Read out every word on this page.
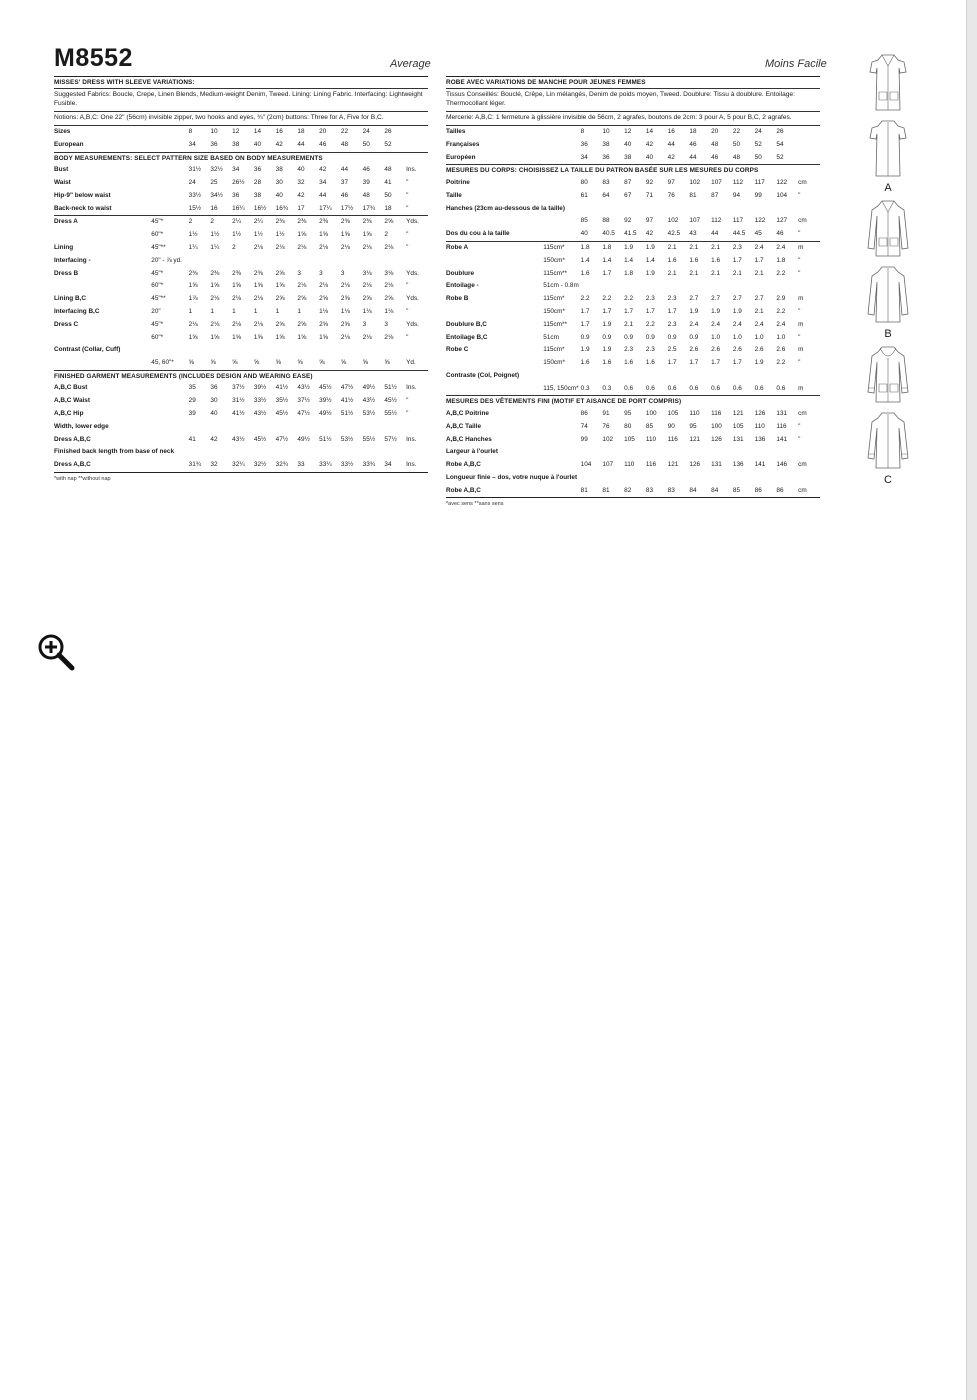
M8552	Average	Moins Facile
MISSES' DRESS WITH SLEEVE VARIATIONS:
Suggested Fabrics: Boucle, Crepe, Linen Blends, Medium-weight Denim, Tweed. Lining: Lining Fabric. Interfacing: Lightweight Fusible.
Notions: A,B,C: One 22" (56cm) invisible zipper, two hooks and eyes, ¾" (2cm) buttons: Three for A, Five for B,C.
Sizes	8	10	12	14	16	18	20	22	24	26	
European	34	36	38	40	42	44	46	48	50	52	
BODY MEASUREMENTS: SELECT PATTERN SIZE BASED ON BODY MEASUREMENTS
Bust		31½	32½	34	36	38	40	42	44	46	48	Ins.
Waist		24	25	26½	28	30	32	34	37	39	41	"
Hip-9" below waist		33½	34½	36	38	40	42	44	46	48	50	"
Back-neck to waist		15½	16	16¼	16½	16¾	17	17¼	17½	17¾	18	"
Dress A	45"*	2	2	2¼	2¼	2⅜	2⅜	2⅜	2⅜	2⅜	2⅝	Yds.
	60"*	1½	1½	1½	1½	1½	1⅝	1⅝	1⅝	1⅝	2	"
Lining	45"**	1¼	1¼	2	2⅛	2⅛	2⅛	2⅛	2⅛	2⅛	2⅛	"
Interfacing -	20" - ⅞ yd.											
Dress B	45"*	2⅜	2⅜	2⅜	2⅜	2⅝	3	3	3	3⅛	3⅛	Yds.
	60"*	1⅝	1⅝	1⅝	1⅝	1⅝	2⅛	2⅛	2⅛	2⅛	2⅛	"
Lining B,C	45"**	1⅞	2⅛	2⅛	2⅛	2⅝	2⅝	2⅝	2⅝	2⅝	2⅝	Yds.
Interfacing B,C	20"	1	1	1	1	1	1	1⅛	1⅛	1⅛	1⅛	"
Dress C	45"*	2⅛	2⅛	2⅛	2⅛	2⅝	2⅝	2⅝	2⅝	3	3	Yds.
	60"*	1⅝	1⅝	1⅝	1⅝	1⅝	1⅝	1⅝	2⅛	2⅛	2⅛	"
Contrast (Collar, Cuff)												
	45, 60"*	⅝	⅝	⅝	⅝	⅝	⅝	⅝	⅝	⅝	⅝	Yd.
FINISHED GARMENT MEASUREMENTS (INCLUDES DESIGN AND WEARING EASE)
A,B,C Bust		35	36	37½	39½	41½	43½	45½	47½	49½	51½	Ins.
A,B,C Waist		29	30	31½	33½	35½	37½	39½	41½	43½	45½	"
A,B,C Hip		39	40	41½	43½	45½	47½	49½	51½	53½	55½	"
Width, lower edge												
Dress A,B,C		41	42	43½	45½	47½	49½	51½	53½	55½	57½	Ins.
Finished back length from base of neck												
Dress A,B,C		31¾	32	32¼	32½	32¾	33	33¼	33½	33¾	34	Ins.
*with nap **without nap
ROBE AVEC VARIATIONS DE MANCHE POUR JEUNES FEMMES
Tissus Conseillés: Bouclé, Crêpe, Lin mélangés, Denim de poids moyen, Tweed. Doublure: Tissu à doublure. Entoilage: Thermocollant léger.
Mercerie: A,B,C: 1 fermeture à glissière invisible de 56cm, 2 agrafes, boutons de 2cm: 3 pour A, 5 pour B,C, 2 agrafes.
Tailles	8	10	12	14	16	18	20	22	24	26	
Françaises	36	38	40	42	44	46	48	50	52	54	
Européen	34	36	38	40	42	44	46	48	50	52	
MESURES DU CORPS: CHOISISSEZ LA TAILLE DU PATRON BASÉE SUR LES MESURES DU CORPS
Poitrine		80	83	87	92	97	102	107	112	117	122	cm
Taille		61	64	67	71	76	81	87	94	99	104	"
Hanches (23cm au-dessous de la taille)												
		85	88	92	97	102	107	112	117	122	127	cm
Dos du cou à la taille		40	40.5	41.5	42	42.5	43	44	44.5	45	46	"
Robe A	115cm*	1.8	1.8	1.9	1.9	2.1	2.1	2.1	2.3	2.4	2.4	m
	150cm*	1.4	1.4	1.4	1.4	1.6	1.6	1.6	1.7	1.7	1.8	"
Doublure	115cm**	1.6	1.7	1.8	1.9	2.1	2.1	2.1	2.1	2.1	2.2	"
Entoilage -	51cm - 0.8m											
Robe B	115cm*	2.2	2.2	2.2	2.3	2.3	2.7	2.7	2.7	2.7	2.9	m
	150cm*	1.7	1.7	1.7	1.7	1.7	1.9	1.9	1.9	2.1	2.2	"
Doublure B,C	115cm**	1.7	1.9	2.1	2.2	2.3	2.4	2.4	2.4	2.4	2.4	m
Entoilage B,C	51cm	0.9	0.9	0.9	0.9	0.9	0.9	1.0	1.0	1.0	1.0	"
Robe C	115cm*	1.9	1.9	2.3	2.3	2.5	2.6	2.6	2.6	2.6	2.6	m
	150cm*	1.6	1.6	1.6	1.6	1.7	1.7	1.7	1.7	1.9	2.2	"
Contraste (Col, Poignet)												
	115, 150cm*	0.3	0.3	0.6	0.6	0.6	0.6	0.6	0.6	0.6	0.6	m
MESURES DES VÊTEMENTS FINI (MOTIF ET AISANCE DE PORT COMPRIS)
A,B,C Poitrine		86	91	95	100	105	110	116	121	126	131	cm
A,B,C Taille		74	76	80	85	90	95	100	105	110	116	"
A,B,C Hanches		99	102	105	110	116	121	126	131	136	141	"
Largeur à l'ourlet												
Robe A,B,C		104	107	110	116	121	126	131	136	141	146	cm
Longueur finie – dos, votre nuque à l'ourlet												
Robe A,B,C		81	81	82	83	83	84	84	85	86	86	cm
*avec sens **sans sens
A
B
C
